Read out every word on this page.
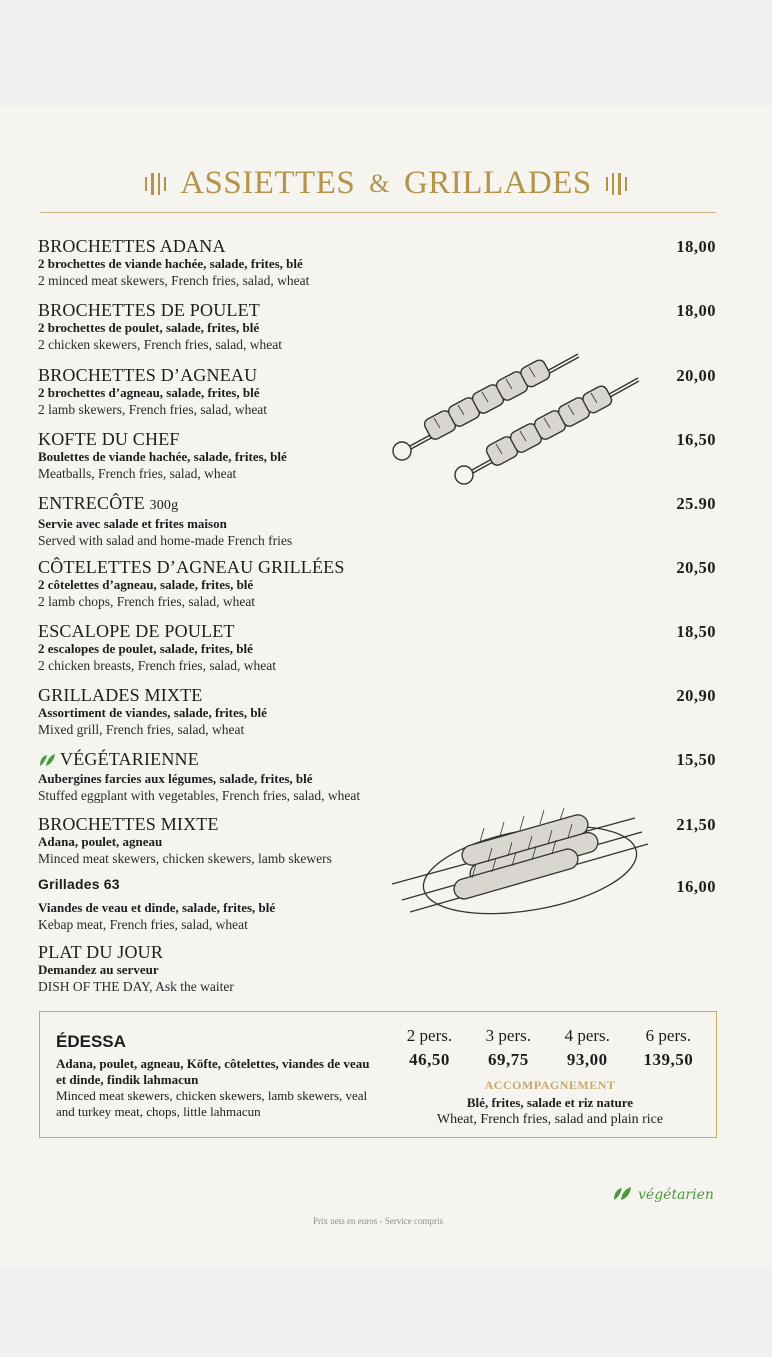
ASSIETTES & GRILLADES
BROCHETTES ADANA
2 brochettes de viande hachée, salade, frites, blé
2 minced meat skewers, French fries, salad, wheat
18,00
BROCHETTES DE POULET
2 brochettes de poulet, salade, frites, blé
2 chicken skewers, French fries, salad, wheat
18,00
BROCHETTES D’AGNEAU
2 brochettes d’agneau, salade, frites, blé
2 lamb skewers, French fries, salad, wheat
20,00
KOFTE DU CHEF
Boulettes de viande hachée, salade, frites, blé
Meatballs, French fries, salad, wheat
16,50
ENTRECÔTE 300g
Servie avec salade et frites maison
Served with salad and home-made French fries
25.90
CÔTELETTES D’AGNEAU GRILLÉES
2 côtelettes d’agneau, salade, frites, blé
2 lamb chops, French fries, salad, wheat
20,50
ESCALOPE DE POULET
2 escalopes de poulet, salade, frites, blé
2 chicken breasts, French fries, salad, wheat
18,50
GRILLADES MIXTE
Assortiment de viandes, salade, frites, blé
Mixed grill, French fries, salad, wheat
20,90
VÉGÉTARIENNE
Aubergines farcies aux légumes, salade, frites, blé
Stuffed eggplant with vegetables, French fries, salad, wheat
15,50
BROCHETTES MIXTE
Adana, poulet, agneau
Minced meat skewers, chicken skewers, lamb skewers
21,50
Grillades 63
Viandes de veau et dinde, salade, frites, blé
Kebap meat, French fries, salad, wheat
16,00
PLAT DU JOUR
Demandez au serveur
DISH OF THE DAY, Ask the waiter
ÉDESSA
Adana, poulet, agneau, Köfte, côtelettes, viandes de veau et dinde, findik lahmacun
Minced meat skewers, chicken skewers, lamb skewers, veal and turkey meat, chops, little lahmacun
2 pers.
46,50
3 pers.
69,75
4 pers.
93,00
6 pers.
139,50
ACCOMPAGNEMENT
Blé, frites, salade et riz nature
Wheat, French fries, salad and plain rice
végétarien
Prix nets en euros - Service compris
